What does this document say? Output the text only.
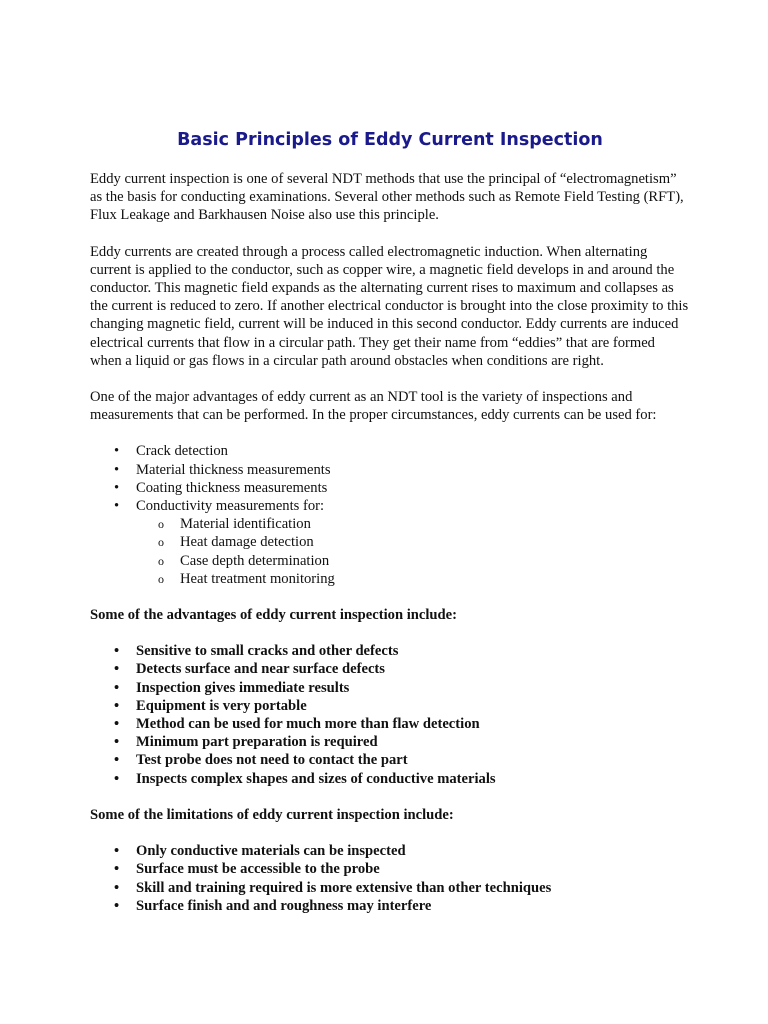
Basic Principles of Eddy Current Inspection

Eddy current inspection is one of several NDT methods that use the principal of “electromagnetism” as the basis for conducting examinations. Several other methods such as Remote Field Testing (RFT), Flux Leakage and Barkhausen Noise also use this principle.

Eddy currents are created through a process called electromagnetic induction. When alternating current is applied to the conductor, such as copper wire, a magnetic field develops in and around the conductor. This magnetic field expands as the alternating current rises to maximum and collapses as the current is reduced to zero. If another electrical conductor is brought into the close proximity to this changing magnetic field, current will be induced in this second conductor. Eddy currents are induced electrical currents that flow in a circular path. They get their name from “eddies” that are formed when a liquid or gas flows in a circular path around obstacles when conditions are right.

One of the major advantages of eddy current as an NDT tool is the variety of inspections and measurements that can be performed. In the proper circumstances, eddy currents can be used for:

• Crack detection
• Material thickness measurements
• Coating thickness measurements
• Conductivity measurements for:
o Material identification
o Heat damage detection
o Case depth determination
o Heat treatment monitoring

Some of the advantages of eddy current inspection include:

• Sensitive to small cracks and other defects
• Detects surface and near surface defects
• Inspection gives immediate results
• Equipment is very portable
• Method can be used for much more than flaw detection
• Minimum part preparation is required
• Test probe does not need to contact the part
• Inspects complex shapes and sizes of conductive materials

Some of the limitations of eddy current inspection include:

• Only conductive materials can be inspected
• Surface must be accessible to the probe
• Skill and training required is more extensive than other techniques
• Surface finish and and roughness may interfere
